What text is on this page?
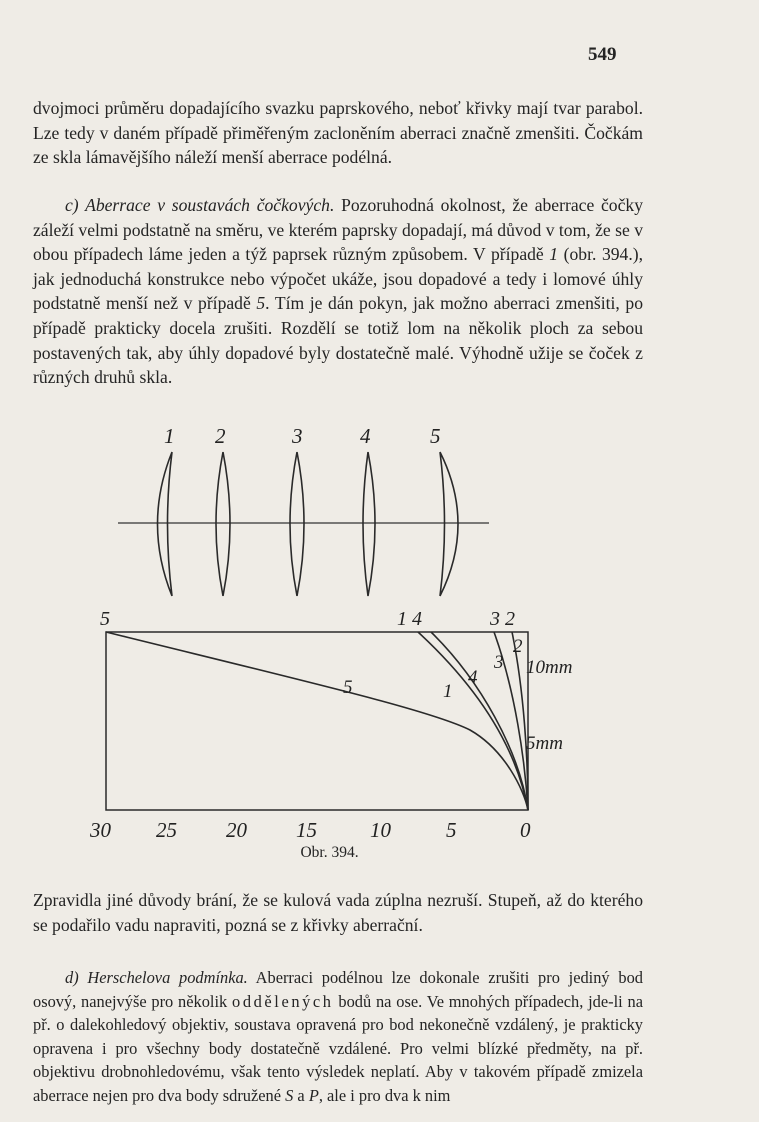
549

dvojmoci průměru dopadajícího svazku paprskového, neboť křivky mají tvar parabol. Lze tedy v daném případě přiměřeným zacloněním aberraci značně zmenšiti. Čočkám ze skla lámavějšího náleží menší aberrace podélná.

c) Aberrace v soustavách čočkových. Pozoruhodná okolnost, že aberrace čočky záleží velmi podstatně na směru, ve kterém paprsky dopadají, má důvod v tom, že se v obou případech láme jeden a týž paprsek různým způsobem. V případě 1 (obr. 394.), jak jednoduchá konstrukce nebo výpočet ukáže, jsou dopadové a tedy i lomové úhly podstatně menší než v případě 5. Tím je dán pokyn, jak možno aberraci zmenšiti, po případě prakticky docela zrušiti. Rozdělí se totiž lom na několik ploch za sebou postavených tak, aby úhly dopadové byly dostatečně malé. Výhodně užije se čoček z různých druhů skla.

1 2	3	4	5
5	1 4	3 2
5	1
4
3
2
10mm
5mm
30 25 20 15	10	5	0
Obr. 394.

Zpravidla jiné důvody brání, že se kulová vada zúplna nezruší. Stupeň, až do kterého se podařilo vadu napraviti, pozná se z křivky aberrační.

d) Herschelova podmínka. Aberraci podélnou lze dokonale zrušiti pro jediný bod osový, nanejvýše pro několik oddělených bodů na ose. Ve mnohých případech, jde-li na př. o dalekohledový objektiv, soustava opravená pro bod nekonečně vzdálený, je prakticky opravena i pro všechny body dostatečně vzdálené. Pro velmi blízké předměty, na př. objektivu drobnohledovému, však tento výsledek neplatí. Aby v takovém případě zmizela aberrace nejen pro dva body sdružené S a P, ale i pro dva k nim
